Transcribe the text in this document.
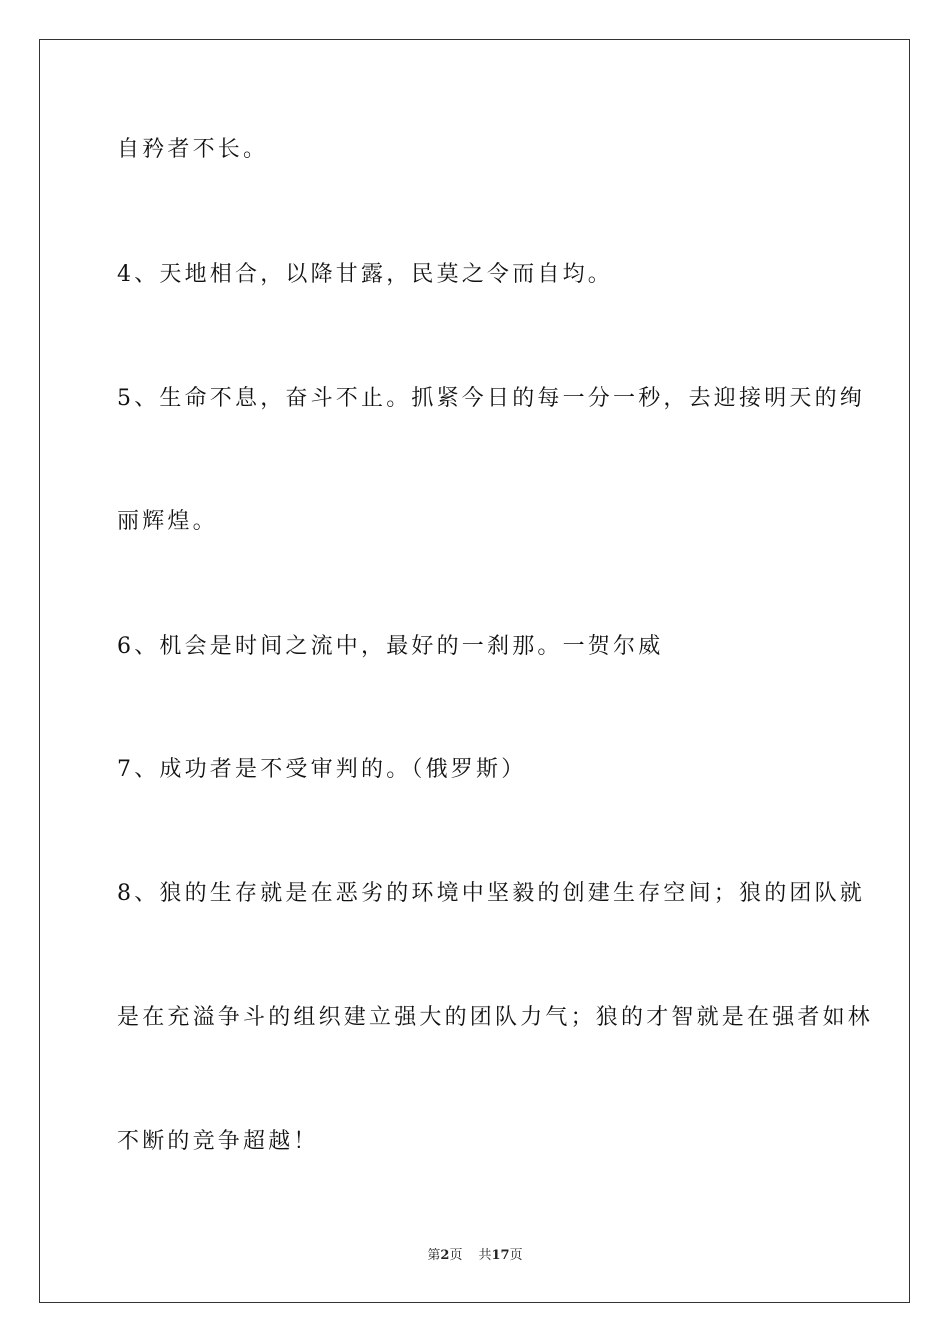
自矜者不长。

4、天地相合，以降甘露，民莫之令而自均。

5、生命不息，奋斗不止。抓紧今日的每一分一秒，去迎接明天的绚

丽辉煌。

6、机会是时间之流中，最好的一刹那。一贺尔威

7、成功者是不受审判的。（俄罗斯）

8、狼的生存就是在恶劣的环境中坚毅的创建生存空间；狼的团队就

是在充溢争斗的组织建立强大的团队力气；狼的才智就是在强者如林

不断的竞争超越！

第2页 共17页
